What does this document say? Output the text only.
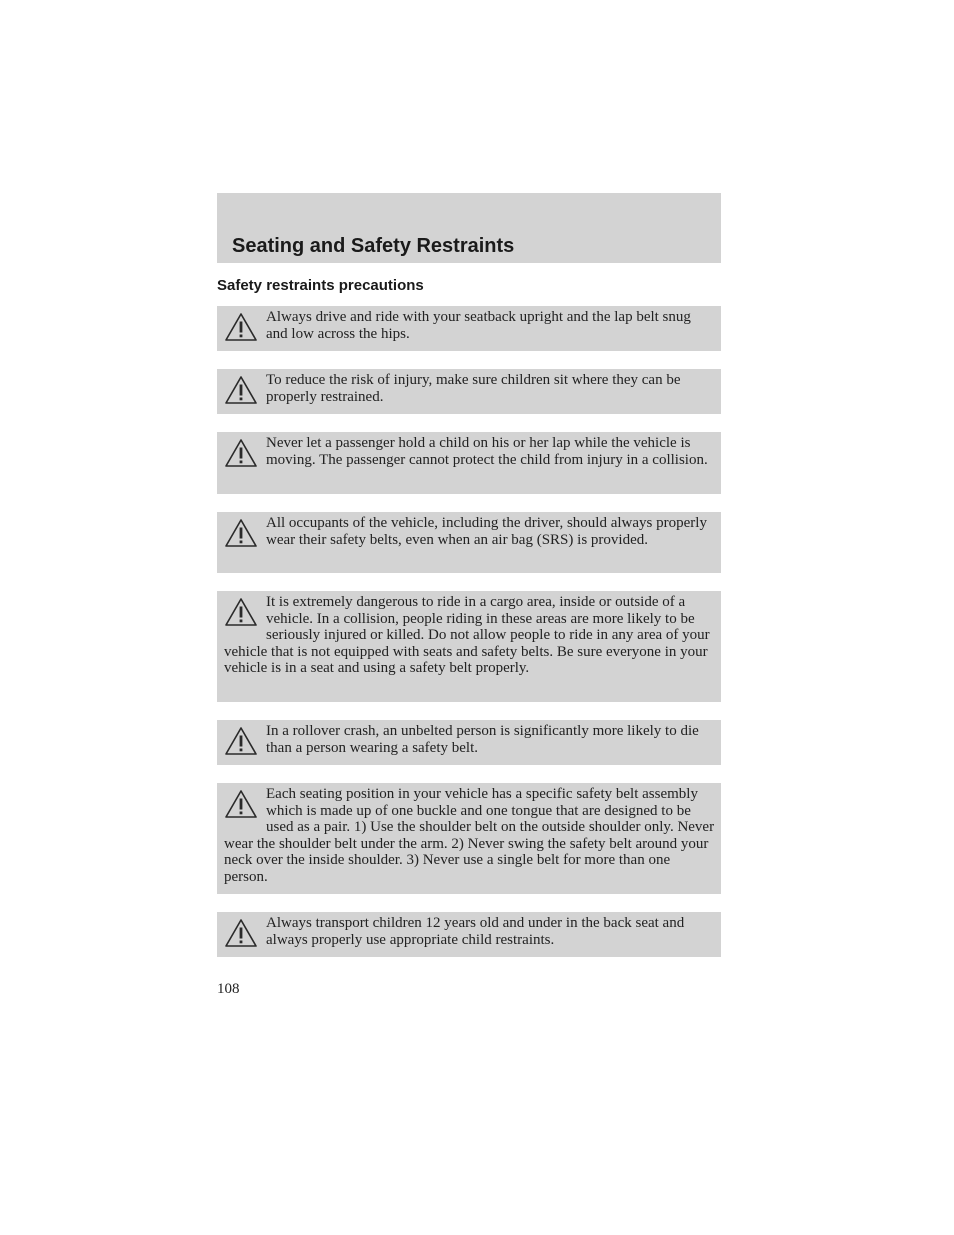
Seating and Safety Restraints
Safety restraints precautions

Always drive and ride with your seatback upright and the lap belt snug and low across the hips.

To reduce the risk of injury, make sure children sit where they can be properly restrained.

Never let a passenger hold a child on his or her lap while the vehicle is moving. The passenger cannot protect the child from injury in a collision.

All occupants of the vehicle, including the driver, should always properly wear their safety belts, even when an air bag (SRS) is provided.

It is extremely dangerous to ride in a cargo area, inside or outside of a vehicle. In a collision, people riding in these areas are more likely to be seriously injured or killed. Do not allow people to ride in any area of your vehicle that is not equipped with seats and safety belts. Be sure everyone in your vehicle is in a seat and using a safety belt properly.

In a rollover crash, an unbelted person is significantly more likely to die than a person wearing a safety belt.

Each seating position in your vehicle has a specific safety belt assembly which is made up of one buckle and one tongue that are designed to be used as a pair. 1) Use the shoulder belt on the outside shoulder only. Never wear the shoulder belt under the arm. 2) Never swing the safety belt around your neck over the inside shoulder. 3) Never use a single belt for more than one person.

Always transport children 12 years old and under in the back seat and always properly use appropriate child restraints.

108
